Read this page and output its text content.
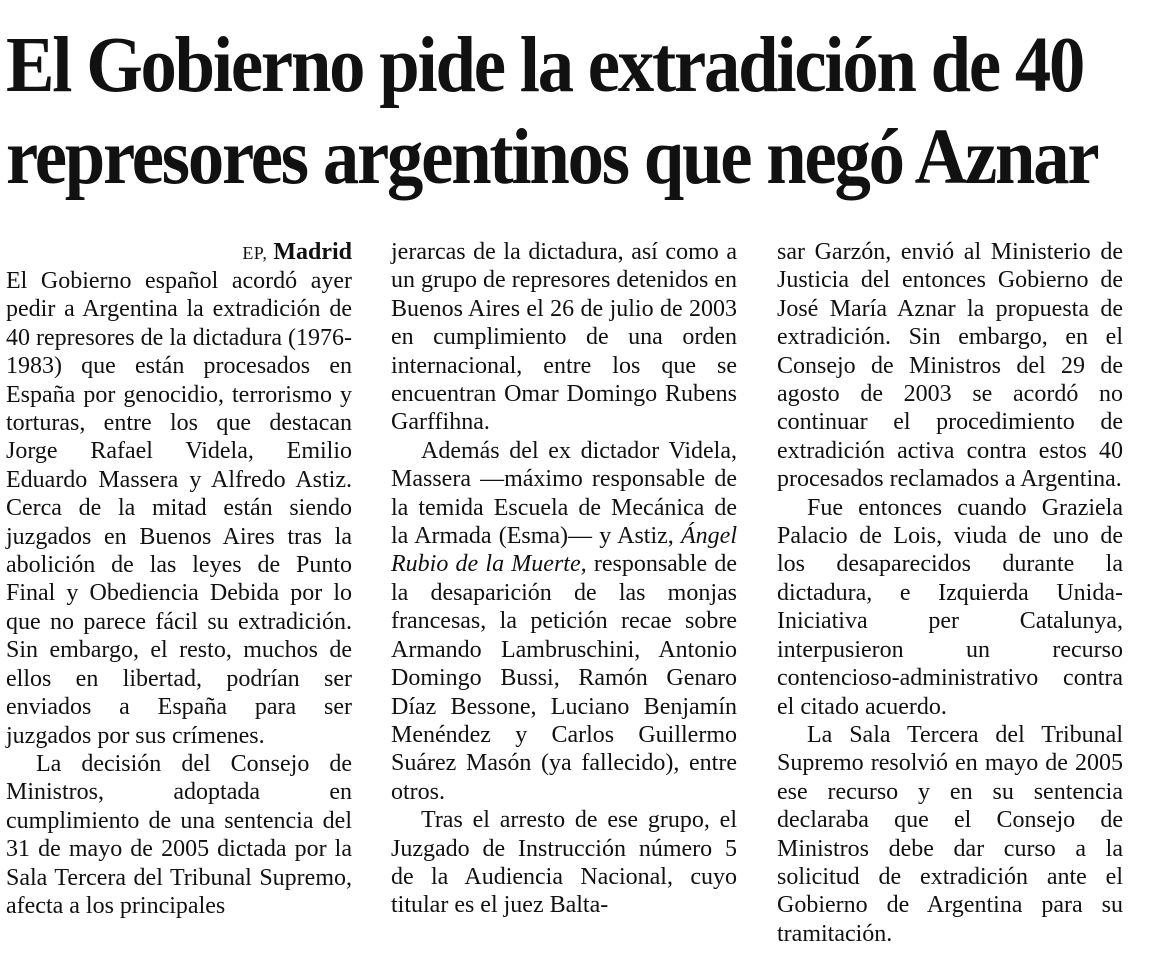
El Gobierno pide la extradición de 40
represores argentinos que negó Aznar

EP, Madrid

El Gobierno español acordó ayer pedir a Argentina la extradición de 40 represores de la dictadura (1976-1983) que están procesados en España por genocidio, terrorismo y torturas, entre los que destacan Jorge Rafael Videla, Emilio Eduardo Massera y Alfredo Astiz. Cerca de la mitad están siendo juzgados en Buenos Aires tras la abolición de las leyes de Punto Final y Obediencia Debida por lo que no parece fácil su extradición. Sin embargo, el resto, muchos de ellos en libertad, podrían ser enviados a España para ser juzgados por sus crímenes.

La decisión del Consejo de Ministros, adoptada en cumplimiento de una sentencia del 31 de mayo de 2005 dictada por la Sala Tercera del Tribunal Supremo, afecta a los principales

jerarcas de la dictadura, así como a un grupo de represores detenidos en Buenos Aires el 26 de julio de 2003 en cumplimiento de una orden internacional, entre los que se encuentran Omar Domingo Rubens Garffihna.

Además del ex dictador Videla, Massera —máximo responsable de la temida Escuela de Mecánica de la Armada (Esma)— y Astiz, Ángel Rubio de la Muerte, responsable de la desaparición de las monjas francesas, la petición recae sobre Armando Lambruschini, Antonio Domingo Bussi, Ramón Genaro Díaz Bessone, Luciano Benjamín Menéndez y Carlos Guillermo Suárez Masón (ya fallecido), entre otros.

Tras el arresto de ese grupo, el Juzgado de Instrucción número 5 de la Audiencia Nacional, cuyo titular es el juez Balta-

sar Garzón, envió al Ministerio de Justicia del entonces Gobierno de José María Aznar la propuesta de extradición. Sin embargo, en el Consejo de Ministros del 29 de agosto de 2003 se acordó no continuar el procedimiento de extradición activa contra estos 40 procesados reclamados a Argentina.

Fue entonces cuando Graziela Palacio de Lois, viuda de uno de los desaparecidos durante la dictadura, e Izquierda Unida-Iniciativa per Catalunya, interpusieron un recurso contencioso-administrativo contra el citado acuerdo.

La Sala Tercera del Tribunal Supremo resolvió en mayo de 2005 ese recurso y en su sentencia declaraba que el Consejo de Ministros debe dar curso a la solicitud de extradición ante el Gobierno de Argentina para su tramitación.
